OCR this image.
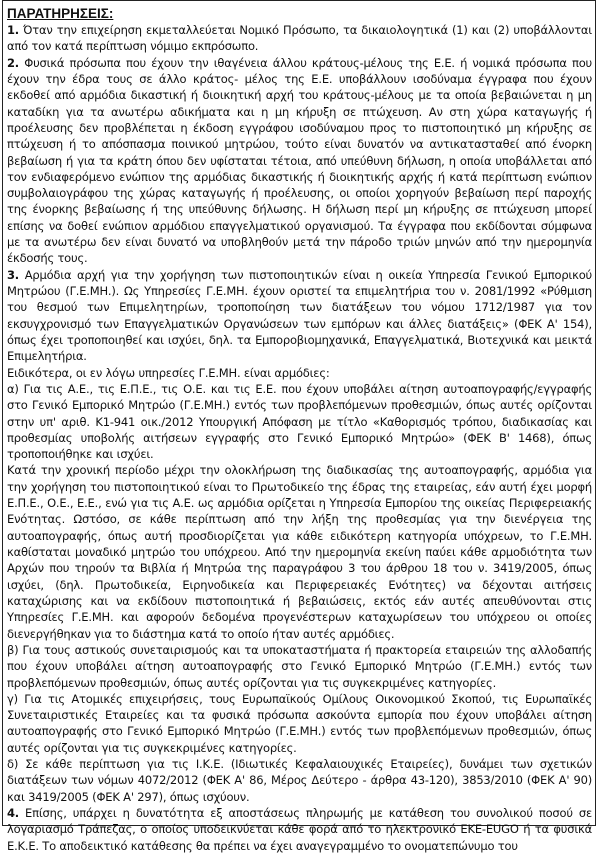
ΠΑΡΑΤΗΡΗΣΕΙΣ:

1. Όταν την επιχείρηση εκμεταλλεύεται Νομικό Πρόσωπο, τα δικαιολογητικά (1) και (2) υποβάλλονται από τον κατά περίπτωση νόμιμο εκπρόσωπο.

2. Φυσικά πρόσωπα που έχουν την ιθαγένεια άλλου κράτους-μέλους της Ε.Ε. ή νομικά πρόσωπα που έχουν την έδρα τους σε άλλο κράτος- μέλος της Ε.Ε. υποβάλλουν ισοδύναμα έγγραφα που έχουν εκδοθεί από αρμόδια δικαστική ή διοικητική αρχή του κράτους-μέλους με τα οποία βεβαιώνεται η μη καταδίκη για τα ανωτέρω αδικήματα και η μη κήρυξη σε πτώχευση. Αν στη χώρα καταγωγής ή προέλευσης δεν προβλέπεται η έκδοση εγγράφου ισοδύναμου προς το πιστοποιητικό μη κήρυξης σε πτώχευση ή το απόσπασμα ποινικού μητρώου, τούτο είναι δυνατόν να αντικατασταθεί από ένορκη βεβαίωση ή για τα κράτη όπου δεν υφίσταται τέτοια, από υπεύθυνη δήλωση, η οποία υποβάλλεται από τον ενδιαφερόμενο ενώπιον της αρμόδιας δικαστικής ή διοικητικής αρχής ή κατά περίπτωση ενώπιον συμβολαιογράφου της χώρας καταγωγής ή προέλευσης, οι οποίοι χορηγούν βεβαίωση περί παροχής της ένορκης βεβαίωσης ή της υπεύθυνης δήλωσης. Η δήλωση περί μη κήρυξης σε πτώχευση μπορεί επίσης να δοθεί ενώπιον αρμόδιου επαγγελματικού οργανισμού. Τα έγγραφα που εκδίδονται σύμφωνα με τα ανωτέρω δεν είναι δυνατό να υποβληθούν μετά την πάροδο τριών μηνών από την ημερομηνία έκδοσής τους.

3. Αρμόδια αρχή για την χορήγηση των πιστοποιητικών είναι η οικεία Υπηρεσία Γενικού Εμπορικού Μητρώου (Γ.Ε.ΜΗ.). Ως Υπηρεσίες Γ.Ε.ΜΗ. έχουν οριστεί τα επιμελητήρια του ν. 2081/1992 «Ρύθμιση του θεσμού των Επιμελητηρίων, τροποποίηση των διατάξεων του νόμου 1712/1987 για τον εκσυγχρονισμό των Επαγγελματικών Οργανώσεων των εμπόρων και άλλες διατάξεις» (ΦΕΚ Α' 154), όπως έχει τροποποιηθεί και ισχύει, δηλ. τα Εμποροβιομηχανικά, Επαγγελματικά, Βιοτεχνικά και μεικτά Επιμελητήρια.

Ειδικότερα, οι εν λόγω υπηρεσίες Γ.Ε.ΜΗ. είναι αρμόδιες:

α) Για τις Α.Ε., τις Ε.Π.Ε., τις Ο.Ε. και τις Ε.Ε. που έχουν υποβάλει αίτηση αυτοαπογραφής/εγγραφής στο Γενικό Εμπορικό Μητρώο (Γ.Ε.ΜΗ.) εντός των προβλεπόμενων προθεσμιών, όπως αυτές ορίζονται στην υπ' αριθ. Κ1-941 οικ./2012 Υπουργική Απόφαση με τίτλο «Καθορισμός τρόπου, διαδικασίας και προθεσμίας υποβολής αιτήσεων εγγραφής στο Γενικό Εμπορικό Μητρώο» (ΦΕΚ Β' 1468), όπως τροποποιήθηκε και ισχύει.

Κατά την χρονική περίοδο μέχρι την ολοκλήρωση της διαδικασίας της αυτοαπογραφής, αρμόδια για την χορήγηση του πιστοποιητικού είναι το Πρωτοδικείο της έδρας της εταιρείας, εάν αυτή έχει μορφή Ε.Π.Ε., Ο.Ε., Ε.Ε., ενώ για τις Α.Ε. ως αρμόδια ορίζεται η Υπηρεσία Εμπορίου της οικείας Περιφερειακής Ενότητας. Ωστόσο, σε κάθε περίπτωση από την λήξη της προθεσμίας για την διενέργεια της αυτοαπογραφής, όπως αυτή προσδιορίζεται για κάθε ειδικότερη κατηγορία υπόχρεων, το Γ.Ε.ΜΗ. καθίσταται μοναδικό μητρώο του υπόχρεου. Από την ημερομηνία εκείνη παύει κάθε αρμοδιότητα των Αρχών που τηρούν τα Βιβλία ή Μητρώα της παραγράφου 3 του άρθρου 18 του ν. 3419/2005, όπως ισχύει, (δηλ. Πρωτοδικεία, Ειρηνοδικεία και Περιφερειακές Ενότητες) να δέχονται αιτήσεις καταχώρισης και να εκδίδουν πιστοποιητικά ή βεβαιώσεις, εκτός εάν αυτές απευθύνονται στις Υπηρεσίες Γ.Ε.ΜΗ. και αφορούν δεδομένα προγενέστερων καταχωρίσεων του υπόχρεου οι οποίες διενεργήθηκαν για το διάστημα κατά το οποίο ήταν αυτές αρμόδιες.

β) Για τους αστικούς συνεταιρισμούς και τα υποκαταστήματα ή πρακτορεία εταιρειών της αλλοδαπής που έχουν υποβάλει αίτηση αυτοαπογραφής στο Γενικό Εμπορικό Μητρώο (Γ.Ε.ΜΗ.) εντός των προβλεπόμενων προθεσμιών, όπως αυτές ορίζονται για τις συγκεκριμένες κατηγορίες.

γ) Για τις Ατομικές επιχειρήσεις, τους Ευρωπαϊκούς Ομίλους Οικονομικού Σκοπού, τις Ευρωπαϊκές Συνεταιριστικές Εταιρείες και τα φυσικά πρόσωπα ασκούντα εμπορία που έχουν υποβάλει αίτηση αυτοαπογραφής στο Γενικό Εμπορικό Μητρώο (Γ.Ε.ΜΗ.) εντός των προβλεπόμενων προθεσμιών, όπως αυτές ορίζονται για τις συγκεκριμένες κατηγορίες.

δ) Σε κάθε περίπτωση για τις Ι.Κ.Ε. (Ιδιωτικές Κεφαλαιουχικές Εταιρείες), δυνάμει των σχετικών διατάξεων των νόμων 4072/2012 (ΦΕΚ Α' 86, Μέρος Δεύτερο - άρθρα 43-120), 3853/2010 (ΦΕΚ Α' 90) και 3419/2005 (ΦΕΚ Α' 297), όπως ισχύουν.

4. Επίσης, υπάρχει η δυνατότητα εξ αποστάσεως πληρωμής με κατάθεση του συνολικού ποσού σε λογαριασμό Τράπεζας, ο οποίος υποδεικνύεται κάθε φορά από το ηλεκτρονικό ΕΚΕ-EUGO ή τα φυσικά Ε.Κ.Ε. Το αποδεικτικό κατάθεσης θα πρέπει να έχει αναγεγραμμένο το ονοματεπώνυμο του
